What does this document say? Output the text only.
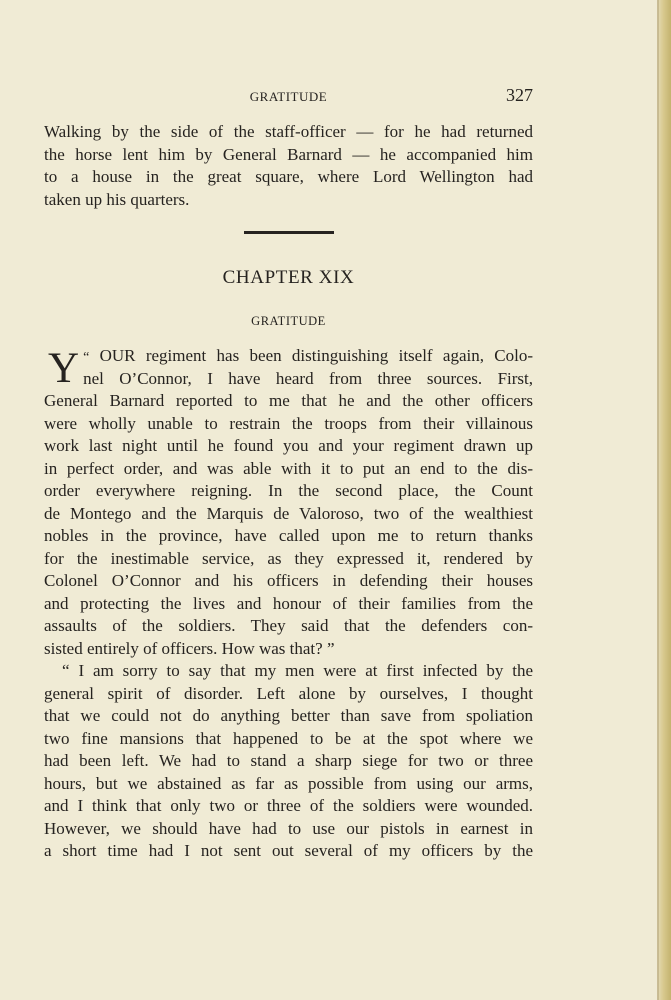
GRATITUDE	327
Walking by the side of the staff-officer — for he had returned
the horse lent him by General Barnard — he accompanied him
to a house in the great square, where Lord Wellington had
taken up his quarters.
CHAPTER XIX
GRATITUDE
“
Y OUR regiment has been distinguishing itself again, Colo-
nel O’Connor, I have heard from three sources. First,
General Barnard reported to me that he and the other officers
were wholly unable to restrain the troops from their villainous
work last night until he found you and your regiment drawn up
in perfect order, and was able with it to put an end to the dis-
order everywhere reigning. In the second place, the Count
de Montego and the Marquis de Valoroso, two of the wealthiest
nobles in the province, have called upon me to return thanks
for the inestimable service, as they expressed it, rendered by
Colonel O’Connor and his officers in defending their houses
and protecting the lives and honour of their families from the
assaults of the soldiers. They said that the defenders con-
sisted entirely of officers. How was that? ”
“ I am sorry to say that my men were at first infected by the
general spirit of disorder. Left alone by ourselves, I thought
that we could not do anything better than save from spoliation
two fine mansions that happened to be at the spot where we
had been left. We had to stand a sharp siege for two or three
hours, but we abstained as far as possible from using our arms,
and I think that only two or three of the soldiers were wounded.
However, we should have had to use our pistols in earnest in
a short time had I not sent out several of my officers by the
